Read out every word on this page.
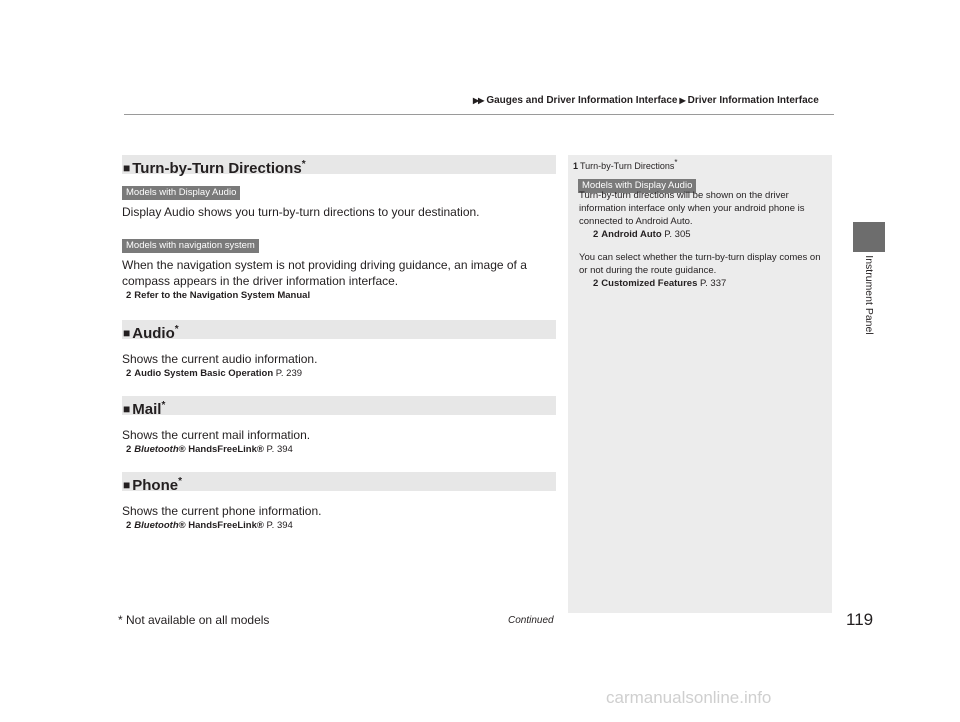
▶▶ Gauges and Driver Information Interface ▶ Driver Information Interface
Instrument Panel
■ Turn-by-Turn Directions*
Models with Display Audio
Display Audio shows you turn-by-turn directions to your destination.
Models with navigation system
When the navigation system is not providing driving guidance, an image of a compass appears in the driver information interface.
2 Refer to the Navigation System Manual
■ Audio*
Shows the current audio information.
2 Audio System Basic Operation P. 239
■ Mail*
Shows the current mail information.
2 Bluetooth® HandsFreeLink® P. 394
■ Phone*
Shows the current phone information.
2 Bluetooth® HandsFreeLink® P. 394
1 Turn-by-Turn Directions*
Models with Display Audio
Turn-by-turn directions will be shown on the driver information interface only when your android phone is connected to Android Auto.
2 Android Auto P. 305
You can select whether the turn-by-turn display comes on or not during the route guidance.
2 Customized Features P. 337
* Not available on all models	Continued	119
carmanualsonline.info
